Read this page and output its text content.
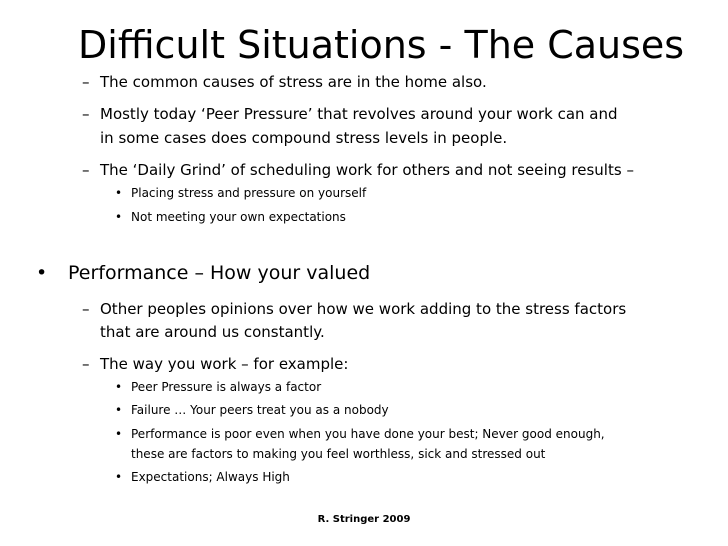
Difficult Situations - The Causes
– The common causes of stress are in the home also.
– Mostly today ‘Peer Pressure’ that revolves around your work can and
in some cases does compound stress levels in people.
– The ‘Daily Grind’ of scheduling work for others and not seeing results –
• Placing stress and pressure on yourself
• Not meeting your own expectations
• Performance – How your valued
– Other peoples opinions over how we work adding to the stress factors
that are around us constantly.
– The way you work – for example:
• Peer Pressure is always a factor
• Failure … Your peers treat you as a nobody
• Performance is poor even when you have done your best; Never good enough,
these are factors to making you feel worthless, sick and stressed out
• Expectations; Always High
R. Stringer 2009
